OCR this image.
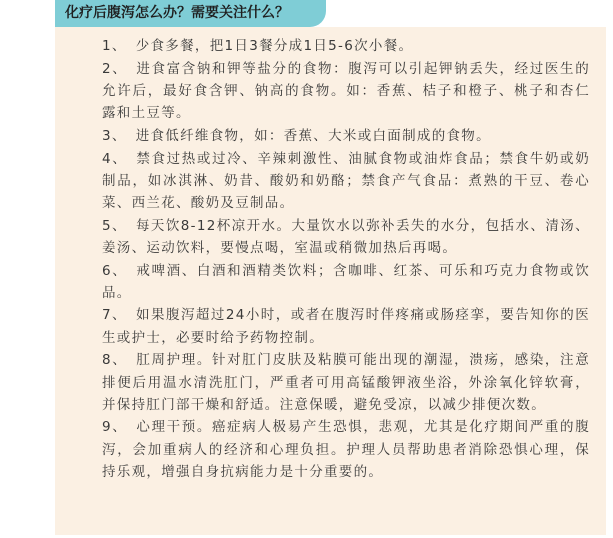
化疗后腹泻怎么办？需要关注什么？

1、 少食多餐，把1日3餐分成1日5-6次小餐。

2、 进食富含钠和钾等盐分的食物：腹泻可以引起钾钠丢失，经过医生的允许后，最好食含钾、钠高的食物。如：香蕉、桔子和橙子、桃子和杏仁露和土豆等。

3、 进食低纤维食物，如：香蕉、大米或白面制成的食物。

4、 禁食过热或过冷、辛辣刺激性、油腻食物或油炸食品；禁食牛奶或奶制品，如冰淇淋、奶昔、酸奶和奶酪；禁食产气食品：煮熟的干豆、卷心菜、西兰花、酸奶及豆制品。

5、 每天饮8-12杯凉开水。大量饮水以弥补丢失的水分，包括水、清汤、姜汤、运动饮料，要慢点喝，室温或稍微加热后再喝。

6、 戒啤酒、白酒和酒精类饮料；含咖啡、红茶、可乐和巧克力食物或饮品。

7、 如果腹泻超过24小时，或者在腹泻时伴疼痛或肠痉挛，要告知你的医生或护士，必要时给予药物控制。

8、 肛周护理。针对肛门皮肤及粘膜可能出现的潮湿，溃疡，感染，注意排便后用温水清洗肛门，严重者可用高锰酸钾液坐浴，外涂氧化锌软膏，并保持肛门部干燥和舒适。注意保暖，避免受凉，以减少排便次数。

9、 心理干预。癌症病人极易产生恐惧，悲观，尤其是化疗期间严重的腹泻，会加重病人的经济和心理负担。护理人员帮助患者消除恐惧心理，保持乐观，增强自身抗病能力是十分重要的。
